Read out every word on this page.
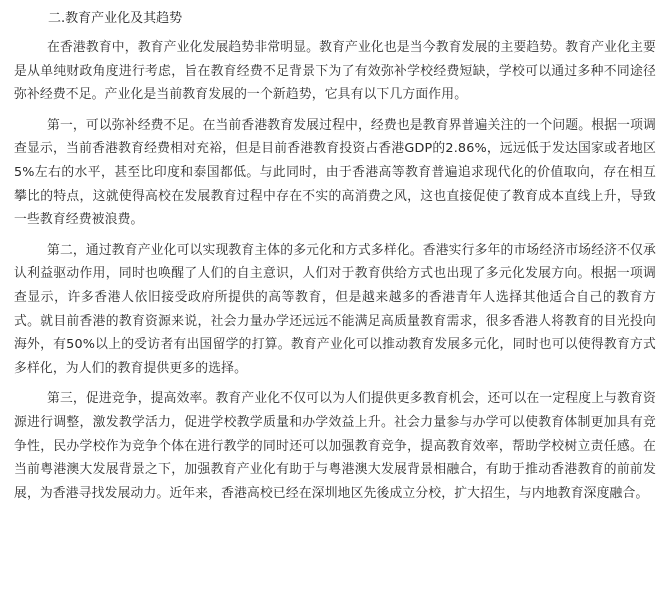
二.教育产业化及其趋势

在香港教育中，教育产业化发展趋势非常明显。教育产业化也是当今教育发展的主要趋势。教育产业化主要是从单纯财政角度进行考虑，旨在教育经费不足背景下为了有效弥补学校经费短缺，学校可以通过多种不同途径弥补经费不足。产业化是当前教育发展的一个新趋势，它具有以下几方面作用。

第一，可以弥补经费不足。在当前香港教育发展过程中，经费也是教育界普遍关注的一个问题。根据一项调查显示，当前香港教育经费相对充裕，但是目前香港教育投资占香港GDP的2.86%，远远低于发达国家或者地区5%左右的水平，甚至比印度和泰国都低。与此同时，由于香港高等教育普遍追求现代化的价值取向，存在相互攀比的特点，这就使得高校在发展教育过程中存在不实的高消费之风，这也直接促使了教育成本直线上升，导致一些教育经费被浪费。

第二，通过教育产业化可以实现教育主体的多元化和方式多样化。香港实行多年的市场经济市场经济不仅承认利益驱动作用，同时也唤醒了人们的自主意识，人们对于教育供给方式也出现了多元化发展方向。根据一项调查显示，许多香港人依旧接受政府所提供的高等教育，但是越来越多的香港青年人选择其他适合自己的教育方式。就目前香港的教育资源来说，社会力量办学还远远不能满足高质量教育需求，很多香港人将教育的目光投向海外，有50%以上的受访者有出国留学的打算。教育产业化可以推动教育发展多元化，同时也可以使得教育方式多样化，为人们的教育提供更多的选择。

第三，促进竞争，提高效率。教育产业化不仅可以为人们提供更多教育机会，还可以在一定程度上与教育资源进行调整，激发教学活力，促进学校教学质量和办学效益上升。社会力量参与办学可以使教育体制更加具有竞争性，民办学校作为竞争个体在进行教学的同时还可以加强教育竞争，提高教育效率，帮助学校树立责任感。在当前粤港澳大发展背景之下，加强教育产业化有助于与粤港澳大发展背景相融合，有助于推动香港教育的前前发展，为香港寻找发展动力。近年来，香港高校已经在深圳地区先後成立分校，扩大招生，与内地教育深度融合。
